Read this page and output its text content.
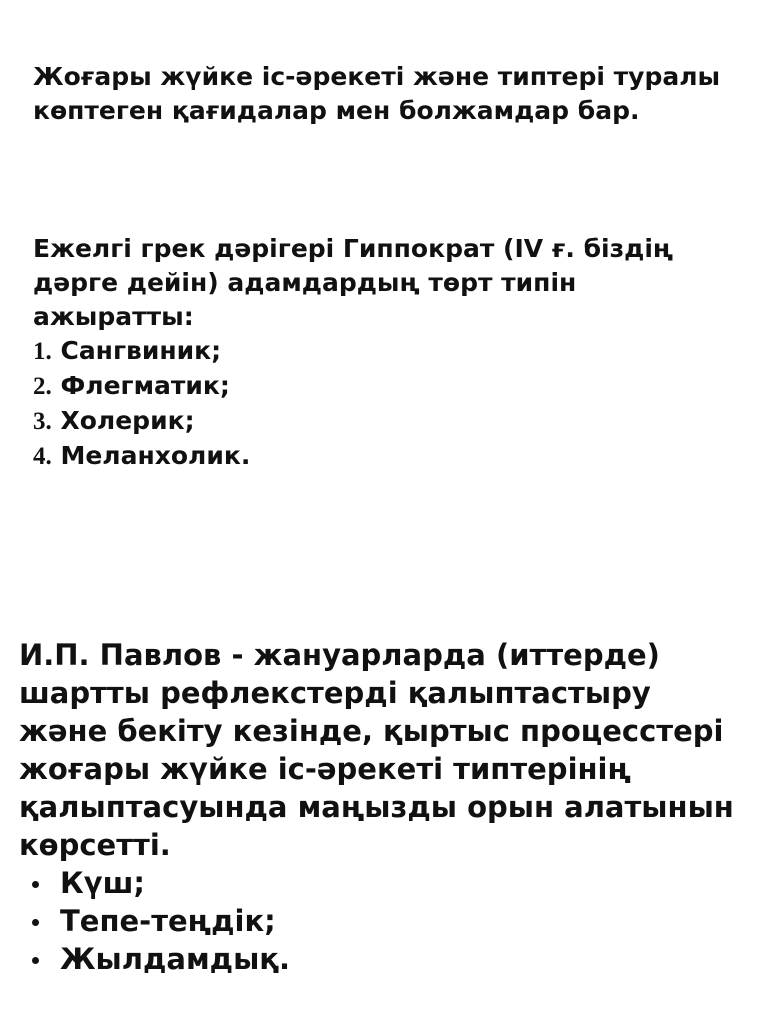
Жоғары жүйке іс-әрекеті және типтері туралы көптеген қағидалар мен болжамдар бар.

Ежелгі грек дәрігері Гиппократ (IV ғ. біздің дәрге дейін) адамдардың төрт типін ажыратты:
1. Сангвиник;
2. Флегматик;
3. Холерик;
4. Меланхолик.
И.П. Павлов - жануарларда (иттерде) шартты рефлекстерді қалыптастыру және бекіту кезінде, қыртыс процесстері жоғары жүйке іс-әрекеті типтерінің қалыптасуында маңызды орын алатынын көрсетті.
Күш;
Тепе-теңдік;
Жылдамдық.
